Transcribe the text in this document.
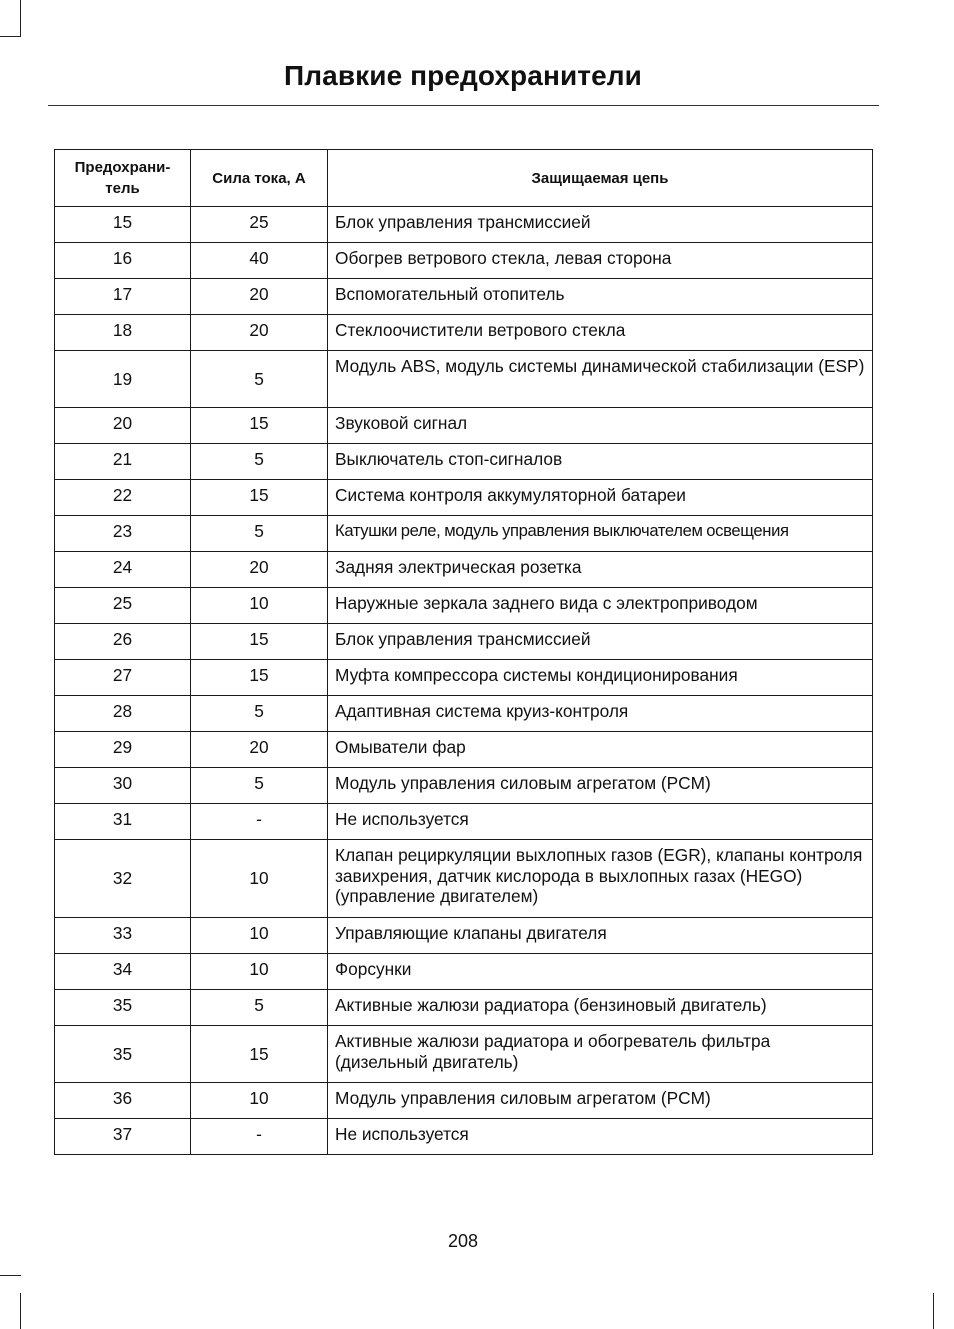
Плавкие предохранители
Предохрани-
тель	Сила тока, А	Защищаемая цепь
15	25	Блок управления трансмиссией
16	40	Обогрев ветрового стекла, левая сторона
17	20	Вспомогательный отопитель
18	20	Стеклоочистители ветрового стекла
19	5	Модуль ABS, модуль системы динамической стабилизации (ESP)
20	15	Звуковой сигнал
21	5	Выключатель стоп-сигналов
22	15	Система контроля аккумуляторной батареи
23	5	Катушки реле, модуль управления выключателем освещения
24	20	Задняя электрическая розетка
25	10	Наружные зеркала заднего вида с электроприводом
26	15	Блок управления трансмиссией
27	15	Муфта компрессора системы кондиционирования
28	5	Адаптивная система круиз-контроля
29	20	Омыватели фар
30	5	Модуль управления силовым агрегатом (PCM)
31	-	Не используется
32	10	Клапан рециркуляции выхлопных газов (EGR), клапаны контроля завихрения, датчик кислорода в выхлопных газах (HEGO) (управление двигателем)
33	10	Управляющие клапаны двигателя
34	10	Форсунки
35	5	Активные жалюзи радиатора (бензиновый двигатель)
35	15	Активные жалюзи радиатора и обогреватель фильтра (дизельный двигатель)
36	10	Модуль управления силовым агрегатом (PCM)
37	-	Не используется
208
